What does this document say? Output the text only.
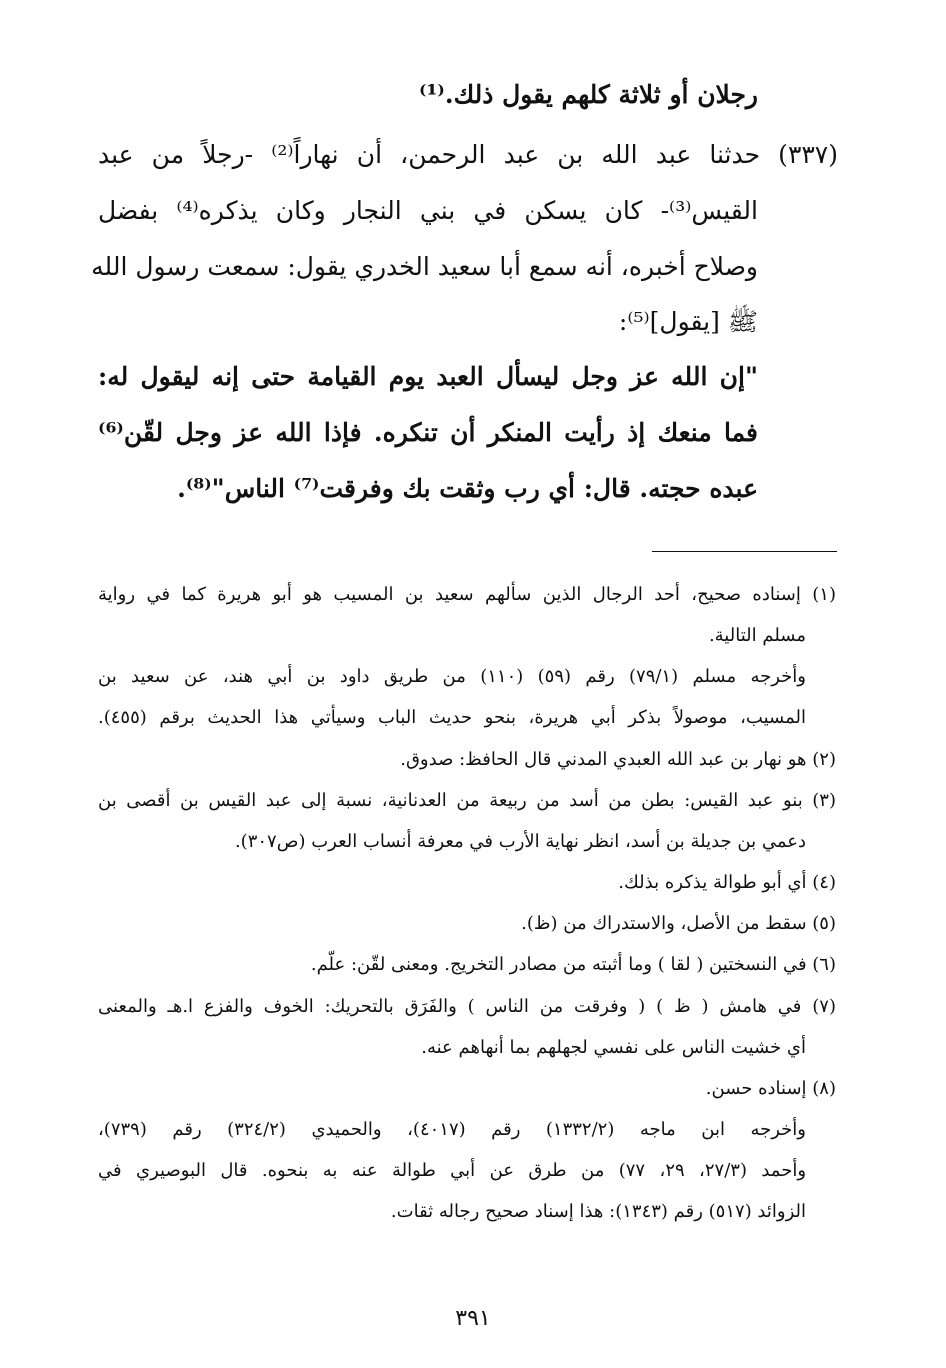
رجلان أو ثلاثة كلهم يقول ذلك.⁽¹⁾
(٣٣٧) حدثنا عبد الله بن عبد الرحمن، أن نهاراً⁽²⁾ -رجلاً من عبد
القيس⁽³⁾- كان يسكن في بني النجار وكان يذكره⁽⁴⁾ بفضل
وصلاح أخبره، أنه سمع أبا سعيد الخدري يقول: سمعت رسول الله
ﷺ [يقول]⁽⁵⁾:
"إن الله عز وجل ليسأل العبد يوم القيامة حتى إنه ليقول له:
فما منعك إذ رأيت المنكر أن تنكره. فإذا الله عز وجل لقّن⁽⁶⁾
عبده حجته. قال: أي رب وثقت بك وفرقت⁽⁷⁾ الناس"⁽⁸⁾.
(١) إسناده صحيح، أحد الرجال الذين سألهم سعيد بن المسيب هو أبو هريرة كما في رواية
مسلم التالية.
وأخرجه مسلم (٧٩/١) رقم (٥٩) (١١٠) من طريق داود بن أبي هند، عن سعيد بن
المسيب، موصولاً بذكر أبي هريرة، بنحو حديث الباب وسيأتي هذا الحديث برقم (٤٥٥).
(٢) هو نهار بن عبد الله العبدي المدني قال الحافظ: صدوق.
(٣) بنو عبد القيس: بطن من أسد من ربيعة من العدنانية، نسبة إلى عبد القيس بن أقصى بن
دعمي بن جديلة بن أسد، انظر نهاية الأرب في معرفة أنساب العرب (ص٣٠٧).
(٤) أي أبو طوالة يذكره بذلك.
(٥) سقط من الأصل، والاستدراك من (ظ).
(٦) في النسختين ( لقا ) وما أثبته من مصادر التخريج. ومعنى لقّن: علّم.
(٧) في هامش ( ظ ) ( وفرقت من الناس ) والفَرَق بالتحريك: الخوف والفزع ا.هـ والمعنى
أي خشيت الناس على نفسي لجهلهم بما أنهاهم عنه.
(٨) إسناده حسن.
وأخرجه ابن ماجه (١٣٣٢/٢) رقم (٤٠١٧)، والحميدي (٣٢٤/٢) رقم (٧٣٩)،
وأحمد (٢٧/٣، ٢٩، ٧٧) من طرق عن أبي طوالة عنه به بنحوه. قال البوصيري في
الزوائد (٥١٧) رقم (١٣٤٣): هذا إسناد صحيح رجاله ثقات.
٣٩١
